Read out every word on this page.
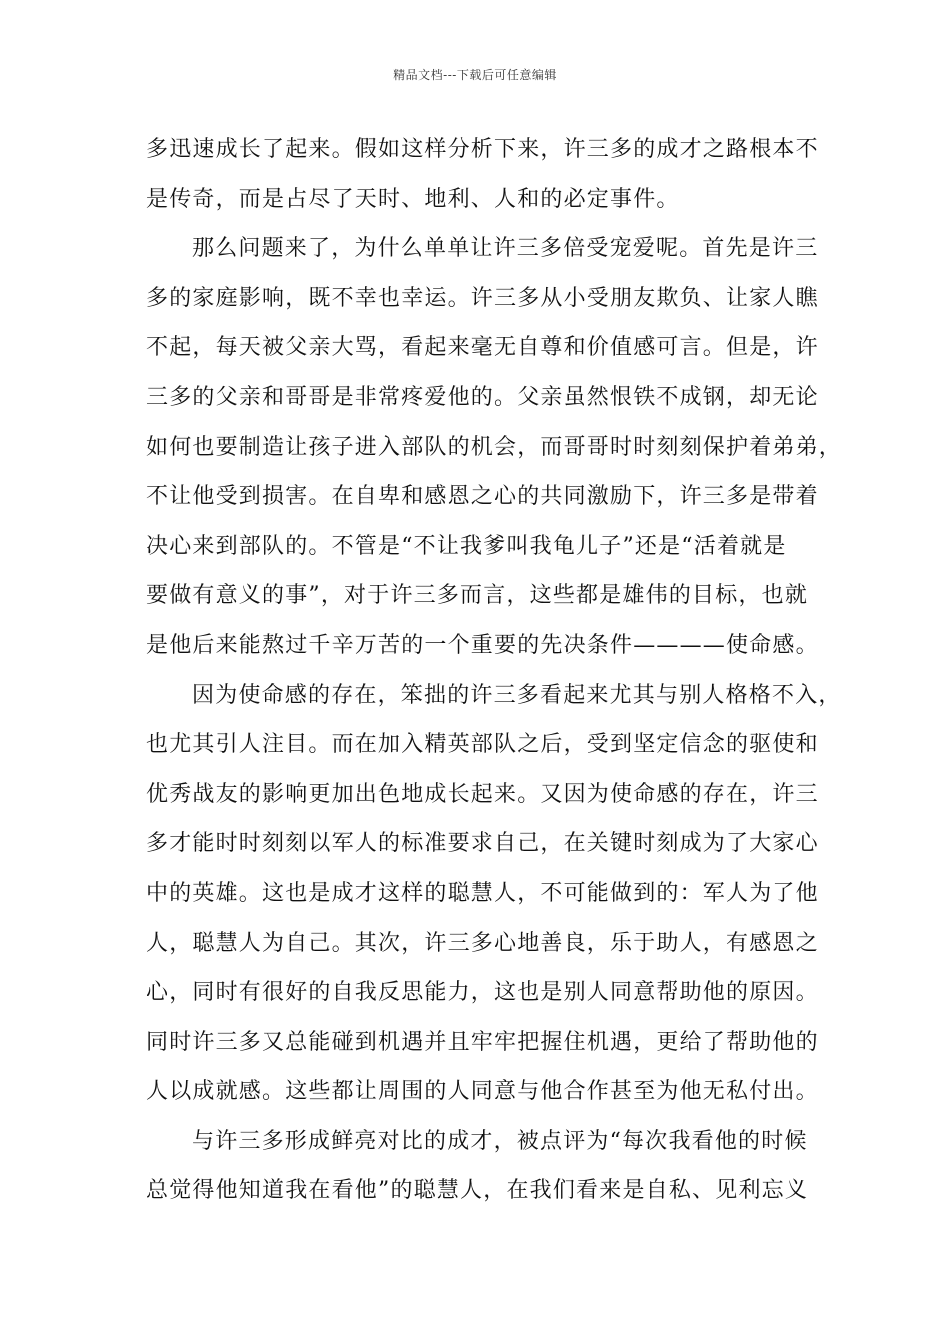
精品文档---下载后可任意编辑
多迅速成长了起来。假如这样分析下来，许三多的成才之路根本不
是传奇，而是占尽了天时、地利、人和的必定事件。
那么问题来了，为什么单单让许三多倍受宠爱呢。首先是许三
多的家庭影响，既不幸也幸运。许三多从小受朋友欺负、让家人瞧
不起，每天被父亲大骂，看起来毫无自尊和价值感可言。但是，许
三多的父亲和哥哥是非常疼爱他的。父亲虽然恨铁不成钢，却无论
如何也要制造让孩子进入部队的机会，而哥哥时时刻刻保护着弟弟，
不让他受到损害。在自卑和感恩之心的共同激励下，许三多是带着
决心来到部队的。不管是“不让我爹叫我龟儿子”还是“活着就是
要做有意义的事”，对于许三多而言，这些都是雄伟的目标，也就
是他后来能熬过千辛万苦的一个重要的先决条件————使命感。
因为使命感的存在，笨拙的许三多看起来尤其与别人格格不入，
也尤其引人注目。而在加入精英部队之后，受到坚定信念的驱使和
优秀战友的影响更加出色地成长起来。又因为使命感的存在，许三
多才能时时刻刻以军人的标准要求自己，在关键时刻成为了大家心
中的英雄。这也是成才这样的聪慧人，不可能做到的：军人为了他
人，聪慧人为自己。其次，许三多心地善良，乐于助人，有感恩之
心，同时有很好的自我反思能力，这也是别人同意帮助他的原因。
同时许三多又总能碰到机遇并且牢牢把握住机遇，更给了帮助他的
人以成就感。这些都让周围的人同意与他合作甚至为他无私付出。
与许三多形成鲜亮对比的成才，被点评为“每次我看他的时候
总觉得他知道我在看他”的聪慧人，在我们看来是自私、见利忘义
